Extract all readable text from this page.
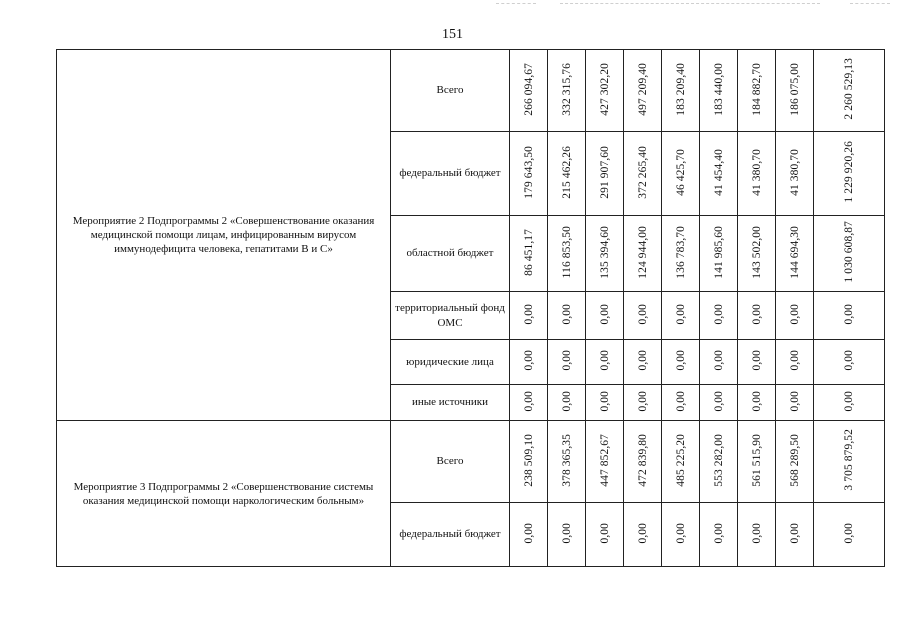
151
Мероприятие 2 Подпрограммы 2 «Совершенствование оказания медицинской помощи лицам, инфицированным вирусом иммунодефицита человека, гепатитами В и С»	Всего	266 094,67	332 315,76	427 302,20	497 209,40	183 209,40	183 440,00	184 882,70	186 075,00	2 260 529,13
	федеральный бюджет	179 643,50	215 462,26	291 907,60	372 265,40	46 425,70	41 454,40	41 380,70	41 380,70	1 229 920,26
	областной бюджет	86 451,17	116 853,50	135 394,60	124 944,00	136 783,70	141 985,60	143 502,00	144 694,30	1 030 608,87
	территориальный фонд ОМС	0,00	0,00	0,00	0,00	0,00	0,00	0,00	0,00	0,00
	юридические лица	0,00	0,00	0,00	0,00	0,00	0,00	0,00	0,00	0,00
	иные источники	0,00	0,00	0,00	0,00	0,00	0,00	0,00	0,00	0,00
Мероприятие 3 Подпрограммы 2 «Совершенствование системы оказания медицинской помощи наркологическим больным»	Всего	238 509,10	378 365,35	447 852,67	472 839,80	485 225,20	553 282,00	561 515,90	568 289,50	3 705 879,52
	федеральный бюджет	0,00	0,00	0,00	0,00	0,00	0,00	0,00	0,00	0,00
